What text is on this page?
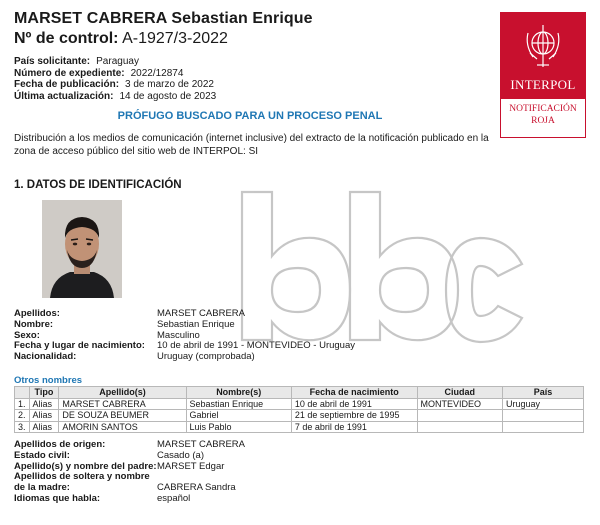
MARSET CABRERA Sebastian Enrique
Nº de control: A-1927/3-2022
País solicitante: Paraguay
Número de expediente: 2022/12874
Fecha de publicación: 3 de marzo de 2022
Última actualización: 14 de agosto de 2023
INTERPOL
NOTIFICACIÓN
ROJA
PRÓFUGO BUSCADO PARA UN PROCESO PENAL
Distribución a los medios de comunicación (internet inclusive) del extracto de la notificación publicado en la zona de acceso público del sitio web de INTERPOL: SI
1. DATOS DE IDENTIFICACIÓN
Apellidos:	MARSET CABRERA
Nombre:	Sebastian Enrique
Sexo:	Masculino
Fecha y lugar de nacimiento: 10 de abril de 1991 - MONTEVIDEO - Uruguay
Nacionalidad:	Uruguay (comprobada)
Otros nombres
	Tipo	Apellido(s)	Nombre(s)	Fecha de nacimiento	Ciudad	País
1.	Alias	MARSET CABRERA	Sebastian Enrique	10 de abril de 1991	MONTEVIDEO	Uruguay
2.	Alias	DE SOUZA BEUMER	Gabriel	21 de septiembre de 1995		
3.	Alias	AMORIN SANTOS	Luis Pablo	7 de abril de 1991		
Apellidos de origen:	MARSET CABRERA
Estado civil:	Casado (a)
Apellido(s) y nombre del padre: MARSET Edgar
Apellidos de soltera y nombre
de la madre:	CABRERA Sandra
Idiomas que habla:	español
